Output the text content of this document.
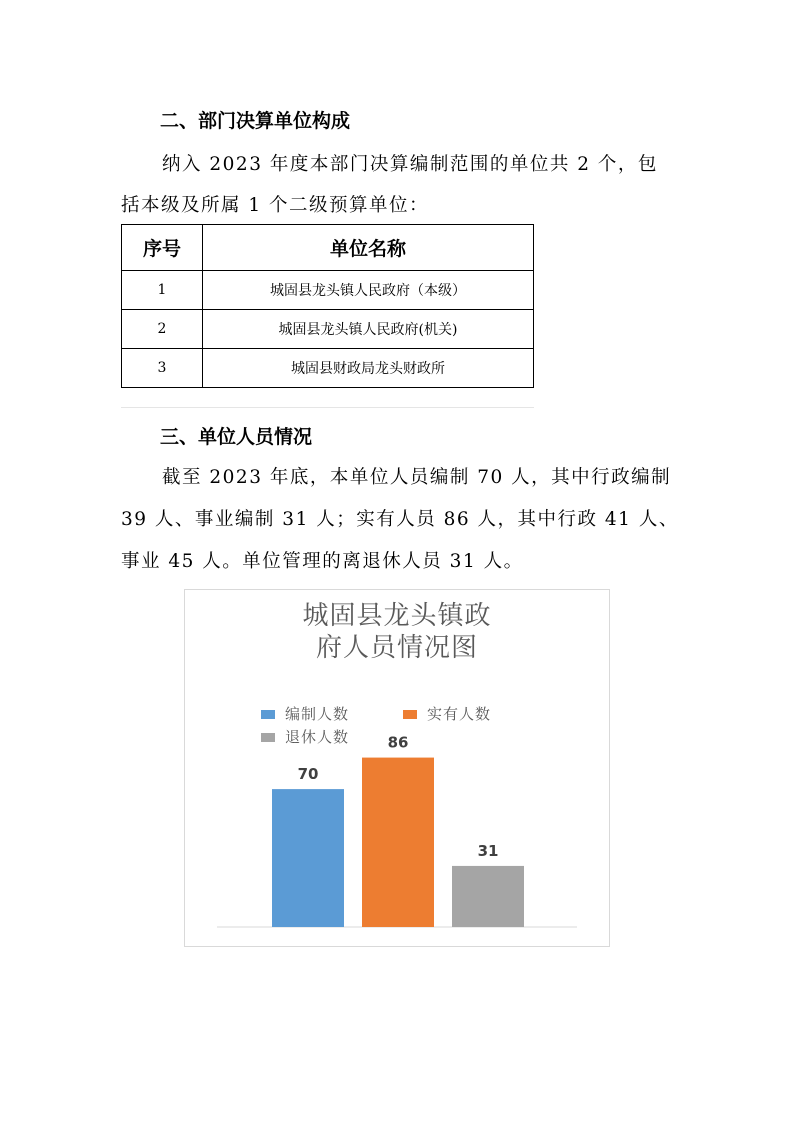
二、部门决算单位构成
纳入 2023 年度本部门决算编制范围的单位共 2 个，包
括本级及所属 1 个二级预算单位：
序号	单位名称
1	城固县龙头镇人民政府（本级）
2	城固县龙头镇人民政府(机关)
3	城固县财政局龙头财政所
三、单位人员情况
截至 2023 年底，本单位人员编制 70 人，其中行政编制
39 人、事业编制 31 人；实有人员 86 人，其中行政 41 人、
事业 45 人。单位管理的离退休人员 31 人。
城固县龙头镇政
府人员情况图
编制人数	实有人数
退休人数
70
86
31
